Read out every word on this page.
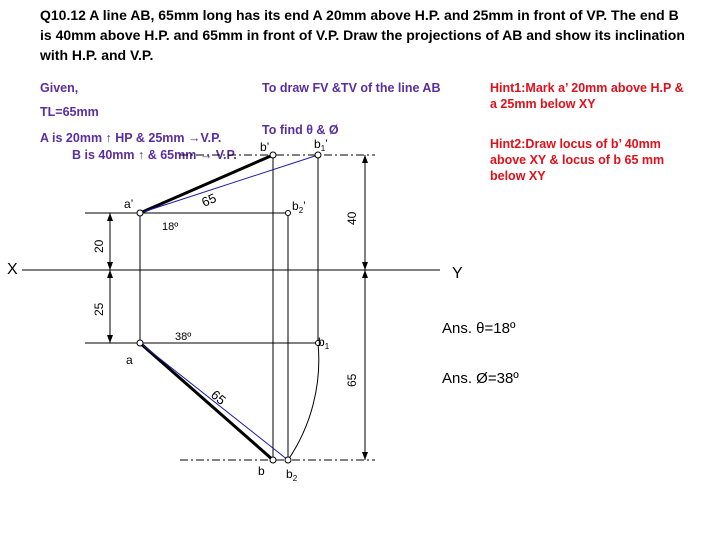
Q10.12 A line AB, 65mm long has its end A 20mm above H.P. and 25mm in front of VP. The end B is 40mm above H.P. and 65mm in front of V.P. Draw the projections of AB and show its inclination with H.P. and V.P.
Given,
TL=65mm
A is 20mm ↑ HP & 25mm →V.P.
B is 40mm ↑ & 65mm → V.P.
To draw FV &TV of the line AB
To find θ & Ø
Hint1:Mark a’ 20mm above H.P & a 25mm below XY
Hint2:Draw locus of b’ 40mm above XY & locus of b 65 mm below XY
Ans. θ=18º
Ans. Ø=38º
X	Y
a’
a
b’	$b_1$’
$b_2$’
$b_1$
b $b_2$
65
65
18º
38º
20
25
40
65
